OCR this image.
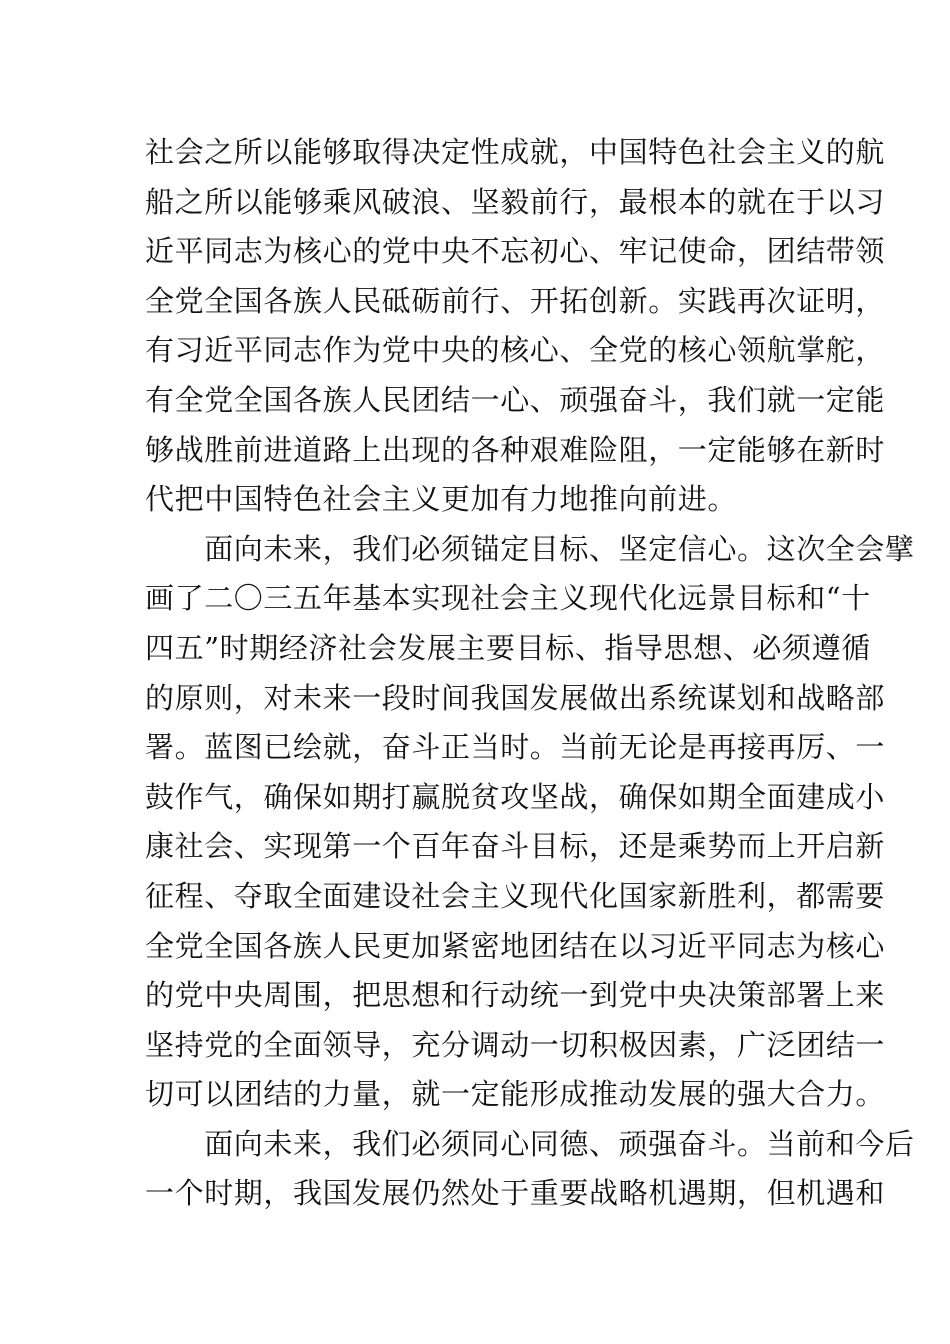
社会之所以能够取得决定性成就，中国特色社会主义的航
船之所以能够乘风破浪、坚毅前行，最根本的就在于以习
近平同志为核心的党中央不忘初心、牢记使命，团结带领
全党全国各族人民砥砺前行、开拓创新。实践再次证明，
有习近平同志作为党中央的核心、全党的核心领航掌舵，
有全党全国各族人民团结一心、顽强奋斗，我们就一定能
够战胜前进道路上出现的各种艰难险阻，一定能够在新时
代把中国特色社会主义更加有力地推向前进。
　　面向未来，我们必须锚定目标、坚定信心。这次全会擘
画了二〇三五年基本实现社会主义现代化远景目标和“十
四五”时期经济社会发展主要目标、指导思想、必须遵循
的原则，对未来一段时间我国发展做出系统谋划和战略部
署。蓝图已绘就，奋斗正当时。当前无论是再接再厉、一
鼓作气，确保如期打赢脱贫攻坚战，确保如期全面建成小
康社会、实现第一个百年奋斗目标，还是乘势而上开启新
征程、夺取全面建设社会主义现代化国家新胜利，都需要
全党全国各族人民更加紧密地团结在以习近平同志为核心
的党中央周围，把思想和行动统一到党中央决策部署上来
坚持党的全面领导，充分调动一切积极因素，广泛团结一
切可以团结的力量，就一定能形成推动发展的强大合力。
　　面向未来，我们必须同心同德、顽强奋斗。当前和今后
一个时期，我国发展仍然处于重要战略机遇期，但机遇和
